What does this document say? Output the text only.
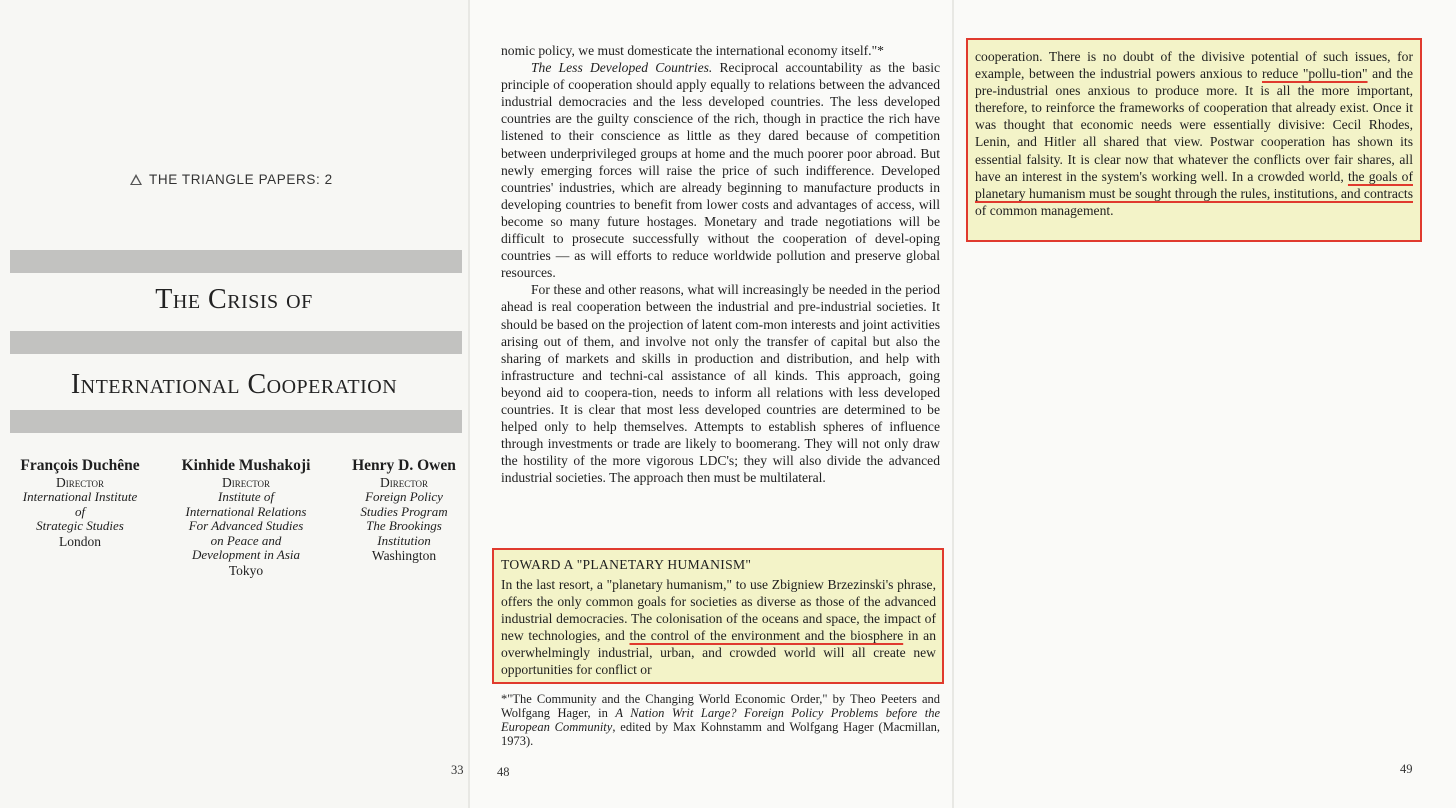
THE TRIANGLE PAPERS: 2
The Crisis of
International Cooperation
François Duchêne
Director
International Institute
of
Strategic Studies
London
Kinhide Mushakoji
Director
Institute of
International Relations
For Advanced Studies
on Peace and
Development in Asia
Tokyo
Henry D. Owen
Director
Foreign Policy
Studies Program
The Brookings
Institution
Washington
33

nomic policy, we must domesticate the international economy itself."*

The Less Developed Countries. Reciprocal accountability as the basic principle of cooperation should apply equally to relations between the advanced industrial democracies and the less developed countries. The less developed countries are the guilty conscience of the rich, though in practice the rich have listened to their conscience as little as they dared because of competition between underprivileged groups at home and the much poorer poor abroad. But newly emerging forces will raise the price of such indifference. Developed countries' industries, which are already beginning to manufacture products in developing countries to benefit from lower costs and advantages of access, will become so many future hostages. Monetary and trade negotiations will be difficult to prosecute successfully without the cooperation of devel-oping countries — as will efforts to reduce worldwide pollution and preserve global resources.

For these and other reasons, what will increasingly be needed in the period ahead is real cooperation between the industrial and pre-industrial societies. It should be based on the projection of latent com-mon interests and joint activities arising out of them, and involve not only the transfer of capital but also the sharing of markets and skills in production and distribution, and help with infrastructure and techni-cal assistance of all kinds. This approach, going beyond aid to coopera-tion, needs to inform all relations with less developed countries. It is clear that most less developed countries are determined to be helped only to help themselves. Attempts to establish spheres of influence through investments or trade are likely to boomerang. They will not only draw the hostility of the more vigorous LDC's; they will also divide the advanced industrial societies. The approach then must be multilateral.

TOWARD A "PLANETARY HUMANISM"
In the last resort, a "planetary humanism," to use Zbigniew Brzezinski's phrase, offers the only common goals for societies as diverse as those of the advanced industrial democracies. The colonisation of the oceans and space, the impact of new technologies, and the control of the environment and the biosphere in an overwhelmingly industrial, urban, and crowded world will all create new opportunities for conflict or
*"The Community and the Changing World Economic Order," by Theo Peeters and Wolfgang Hager, in A Nation Writ Large? Foreign Policy Problems before the European Community, edited by Max Kohnstamm and Wolfgang Hager (Macmillan, 1973).
48
cooperation. There is no doubt of the divisive potential of such issues, for example, between the industrial powers anxious to reduce "pollu-tion" and the pre-industrial ones anxious to produce more. It is all the more important, therefore, to reinforce the frameworks of cooperation that already exist. Once it was thought that economic needs were essentially divisive: Cecil Rhodes, Lenin, and Hitler all shared that view. Postwar cooperation has shown its essential falsity. It is clear now that whatever the conflicts over fair shares, all have an interest in the system's working well. In a crowded world, the goals of planetary humanism must be sought through the rules, institutions, and contracts of common management.
49
